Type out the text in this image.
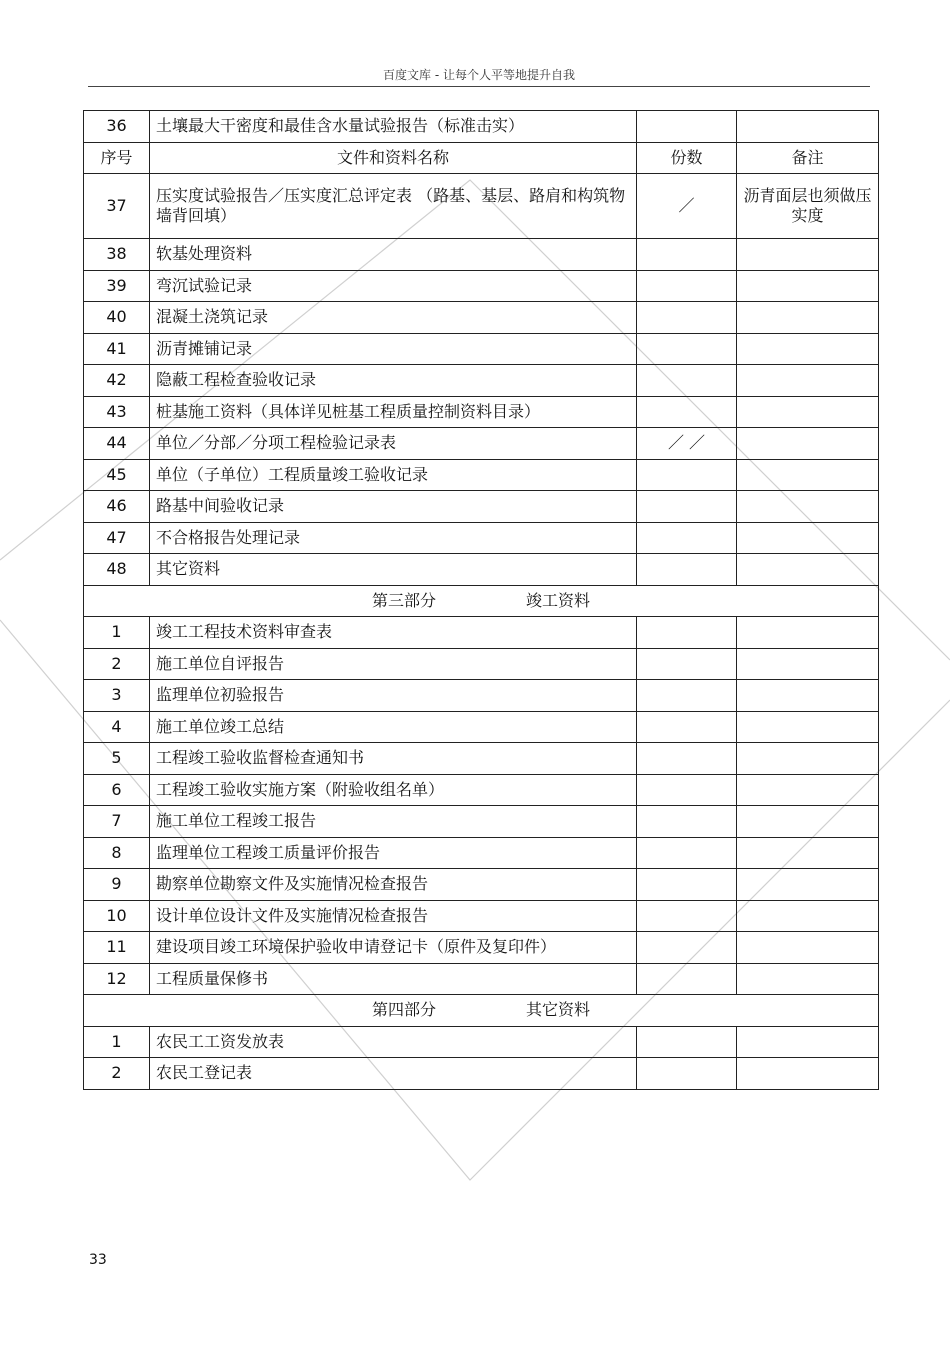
百度文库 - 让每个人平等地提升自我
36	土壤最大干密度和最佳含水量试验报告（标准击实）		
序号	文件和资料名称	份数	备注
37	压实度试验报告／压实度汇总评定表 （路基、基层、路肩和构筑物墙背回填）	／	沥青面层也须做压实度
38	软基处理资料		
39	弯沉试验记录		
40	混凝土浇筑记录		
41	沥青摊铺记录		
42	隐蔽工程检查验收记录		
43	桩基施工资料（具体详见桩基工程质量控制资料目录）		
44	单位／分部／分项工程检验记录表	／ ／	
45	单位（子单位）工程质量竣工验收记录		
46	路基中间验收记录		
47	不合格报告处理记录		
48	其它资料		
第三部分 竣工资料			
1	竣工工程技术资料审查表		
2	施工单位自评报告		
3	监理单位初验报告		
4	施工单位竣工总结		
5	工程竣工验收监督检查通知书		
6	工程竣工验收实施方案（附验收组名单）		
7	施工单位工程竣工报告		
8	监理单位工程竣工质量评价报告		
9	勘察单位勘察文件及实施情况检查报告		
10	设计单位设计文件及实施情况检查报告		
11	建设项目竣工环境保护验收申请登记卡（原件及复印件）		
12	工程质量保修书		
第四部分 其它资料			
1	农民工工资发放表		
2	农民工登记表		
33
